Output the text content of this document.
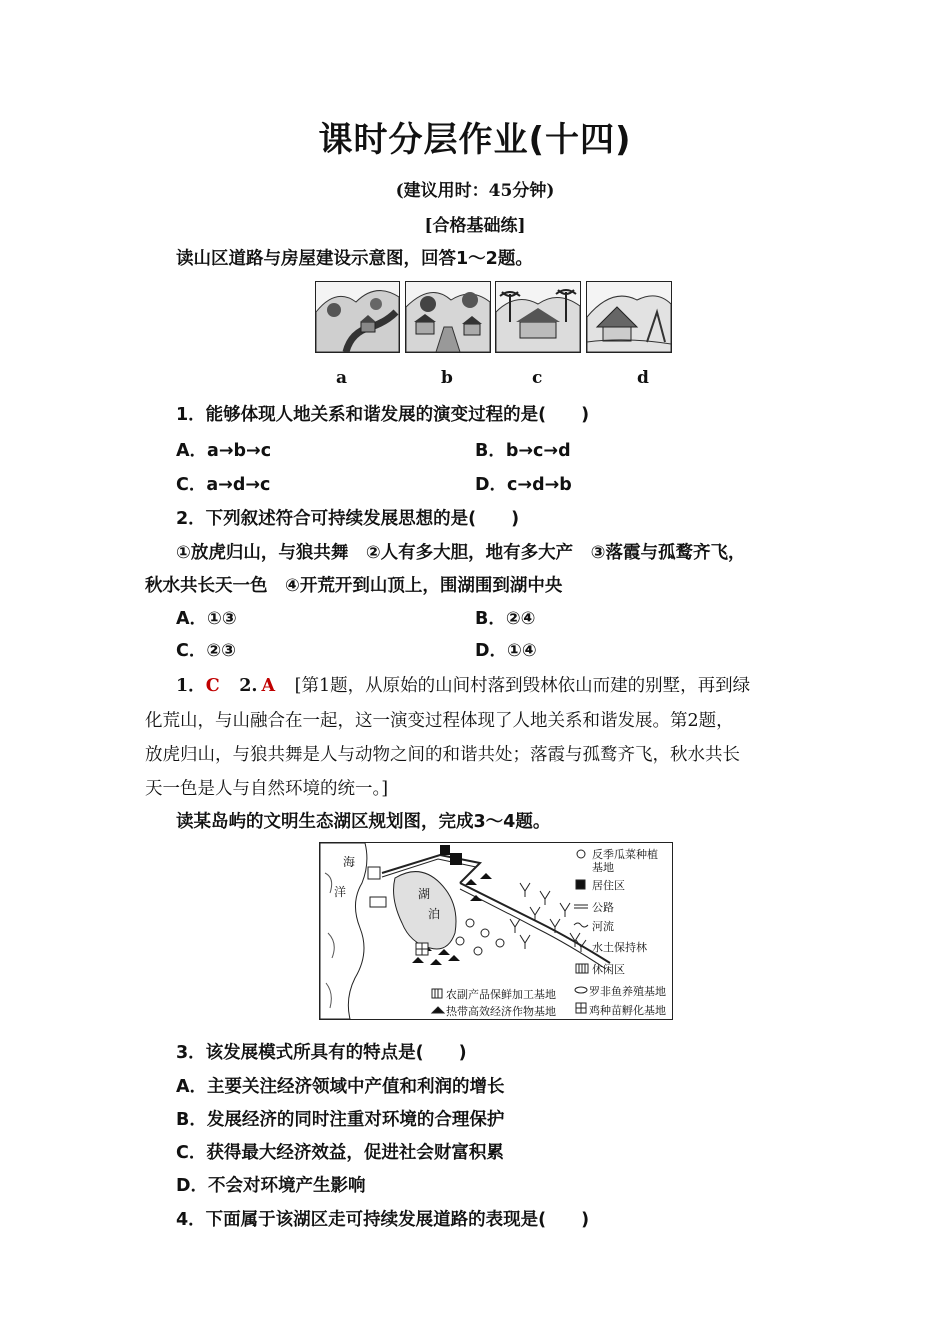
课时分层作业(十四)
(建议用时：45分钟)
[合格基础练]
读山区道路与房屋建设示意图，回答1～2题。
a	b	c	d
1．能够体现人地关系和谐发展的演变过程的是(　　)
A．a→b→c	B．b→c→d
C．a→d→c	D．c→d→b
2．下列叙述符合可持续发展思想的是(　　)
①放虎归山，与狼共舞　②人有多大胆，地有多大产　③落霞与孤鹜齐飞，
秋水共长天一色　④开荒开到山顶上，围湖围到湖中央
A．①③	B．②④
C．②③	D．①④
1．C 2. A [第1题，从原始的山间村落到毁林依山而建的别墅，再到绿
化荒山，与山融合在一起，这一演变过程体现了人地关系和谐发展。第2题，
放虎归山，与狼共舞是人与动物之间的和谐共处；落霞与孤鹜齐飞，秋水共长
天一色是人与自然环境的统一。]
读某岛屿的文明生态湖区规划图，完成3～4题。
海
洋	湖
泊
反季瓜菜种植
基地
居住区
公路
河流
水土保持林
休闲区
罗非鱼养殖基地
鸡种苗孵化基地
农副产品保鲜加工基地
热带高效经济作物基地
3．该发展模式所具有的特点是(　　)
A．主要关注经济领域中产值和利润的增长
B．发展经济的同时注重对环境的合理保护
C．获得最大经济效益，促进社会财富积累
D．不会对环境产生影响
4．下面属于该湖区走可持续发展道路的表现是(　　)
